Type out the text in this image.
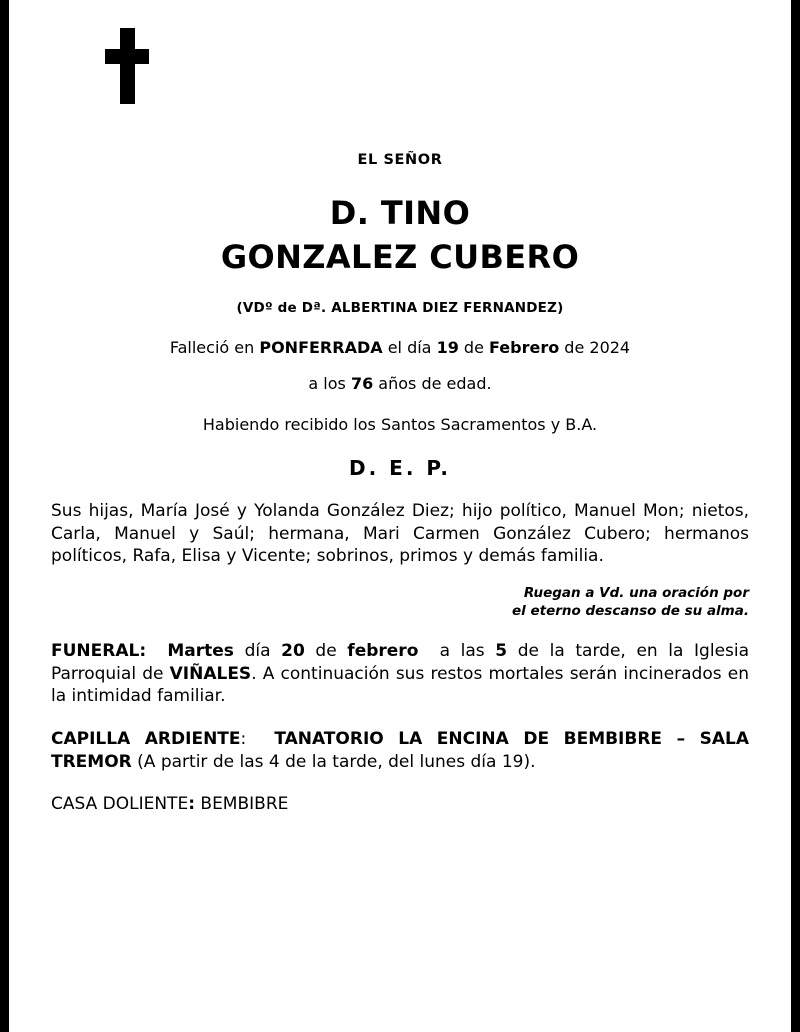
EL SEÑOR
D. TINO
GONZALEZ CUBERO
(VDº de Dª. ALBERTINA DIEZ FERNANDEZ)
Falleció en PONFERRADA el día 19 de Febrero de 2024
a los 76 años de edad.
Habiendo recibido los Santos Sacramentos y B.A.
D. E. P.
Sus hijas, María José y Yolanda González Diez; hijo político, Manuel Mon; nietos, Carla, Manuel y Saúl; hermana, Mari Carmen González Cubero; hermanos políticos, Rafa, Elisa y Vicente; sobrinos, primos y demás familia.
Ruegan a Vd. una oración por
el eterno descanso de su alma.
FUNERAL: Martes día 20 de febrero a las 5 de la tarde, en la Iglesia Parroquial de VIÑALES. A continuación sus restos mortales serán incinerados en la intimidad familiar.
CAPILLA ARDIENTE: TANATORIO LA ENCINA DE BEMBIBRE – SALA TREMOR (A partir de las 4 de la tarde, del lunes día 19).
CASA DOLIENTE: BEMBIBRE
